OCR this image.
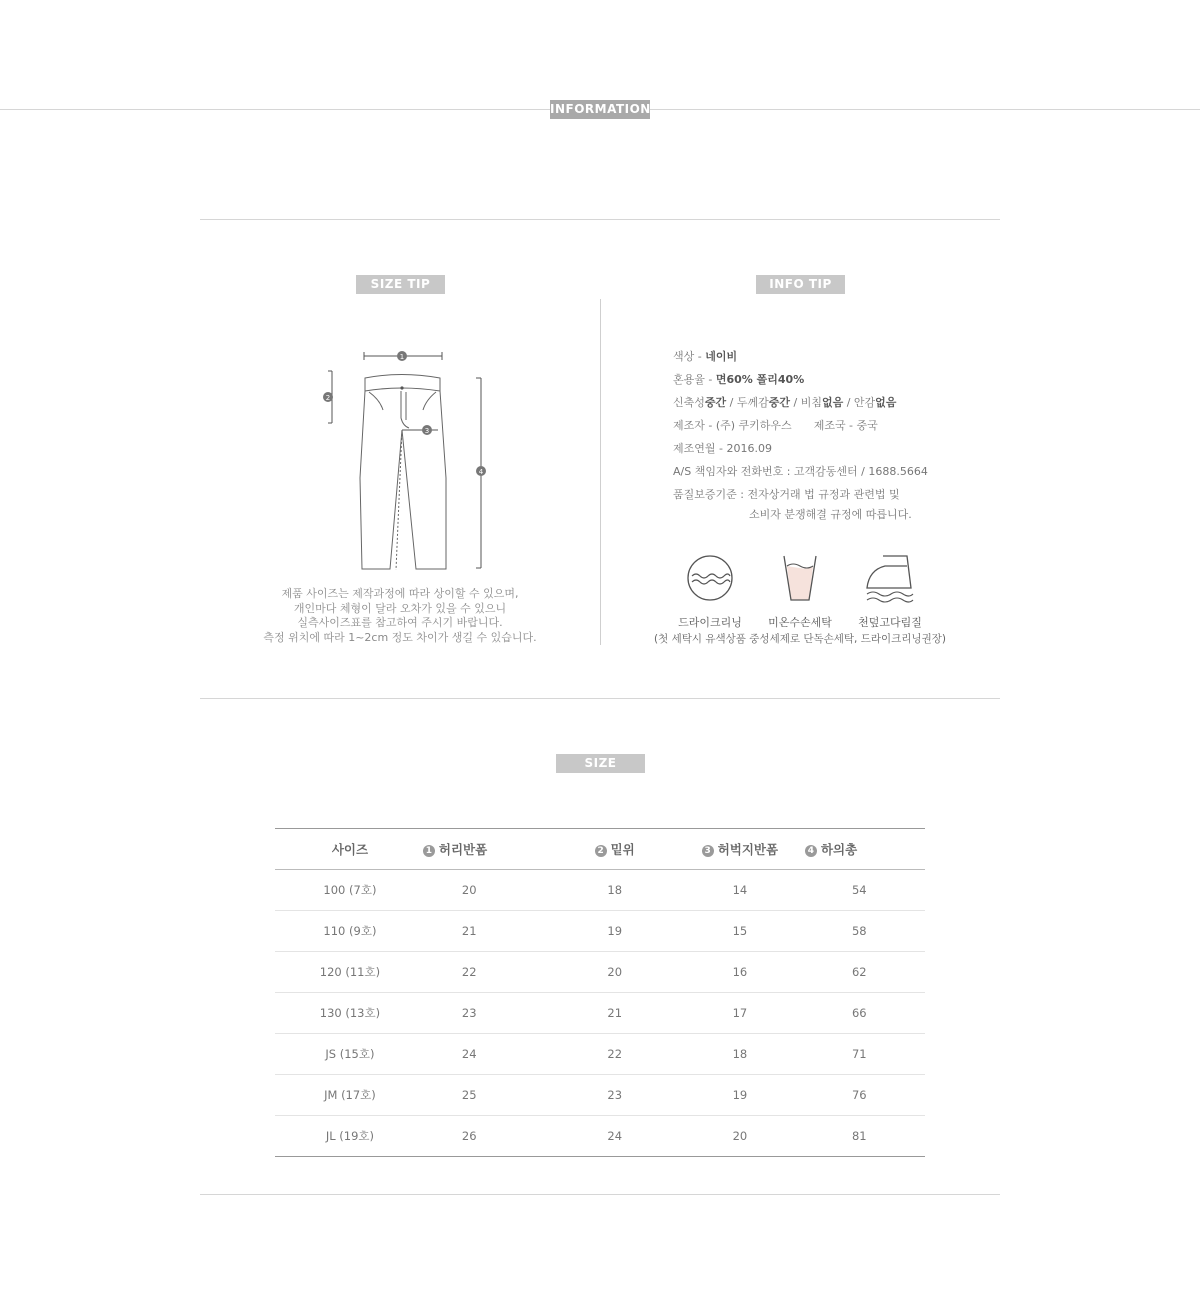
INFORMATION
SIZE TIP	INFO TIP
1
2
3
4
제품 사이즈는 제작과정에 따라 상이할 수 있으며,
개인마다 체형이 달라 오차가 있을 수 있으니
실측사이즈표를 참고하여 주시기 바랍니다.
측정 위치에 따라 1~2cm 정도 차이가 생길 수 있습니다.
색상 - 네이비
혼용율 - 면60% 폴리40%
신축성중간 / 두께감중간 / 비침없음 / 안감없음
제조자 - (주) 쿠키하우스 제조국 - 중국
제조연월 - 2016.09
A/S 책임자와 전화번호 : 고객감동센터 / 1688.5664
품질보증기준 : 전자상거래 법 규정과 관련법 및
소비자 분쟁해결 규정에 따릅니다.
드라이크리닝	미온수손세탁	천덮고다림질
(첫 세탁시 유색상품 중성세제로 단독손세탁, 드라이크리닝권장)
SIZE
사이즈	1 허리반폼	2 밑위	3 허벅지반폼	4 하의총
100 (7호)	20	18	14	54
110 (9호)	21	19	15	58
120 (11호)	22	20	16	62
130 (13호)	23	21	17	66
JS (15호)	24	22	18	71
JM (17호)	25	23	19	76
JL (19호)	26	24	20	81
